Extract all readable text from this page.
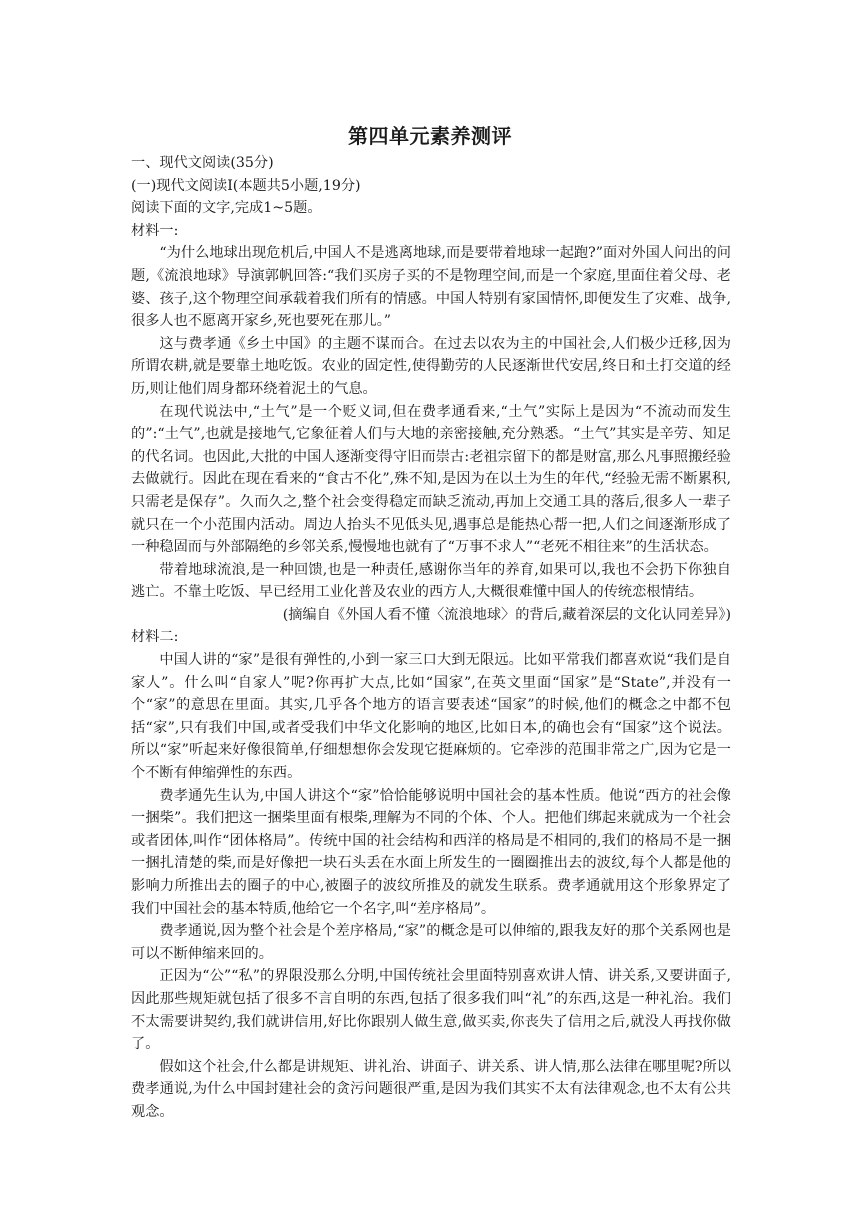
第四单元素养测评

一、现代文阅读(35分)

(一)现代文阅读Ⅰ(本题共5小题,19分)

阅读下面的文字,完成1~5题。

材料一:

“为什么地球出现危机后,中国人不是逃离地球,而是要带着地球一起跑?”面对外国人问出的问题,《流浪地球》导演郭帆回答:“我们买房子买的不是物理空间,而是一个家庭,里面住着父母、老婆、孩子,这个物理空间承载着我们所有的情感。中国人特别有家国情怀,即便发生了灾难、战争,很多人也不愿离开家乡,死也要死在那儿。”

这与费孝通《乡土中国》的主题不谋而合。在过去以农为主的中国社会,人们极少迁移,因为所谓农耕,就是要靠土地吃饭。农业的固定性,使得勤劳的人民逐渐世代安居,终日和土打交道的经历,则让他们周身都环绕着泥土的气息。

在现代说法中,“土气”是一个贬义词,但在费孝通看来,“土气”实际上是因为“不流动而发生的”:“土气”,也就是接地气,它象征着人们与大地的亲密接触,充分熟悉。“土气”其实是辛劳、知足的代名词。也因此,大批的中国人逐渐变得守旧而崇古:老祖宗留下的都是财富,那么凡事照搬经验去做就行。因此在现在看来的“食古不化”,殊不知,是因为在以土为生的年代,“经验无需不断累积,只需老是保存”。久而久之,整个社会变得稳定而缺乏流动,再加上交通工具的落后,很多人一辈子就只在一个小范围内活动。周边人抬头不见低头见,遇事总是能热心帮一把,人们之间逐渐形成了一种稳固而与外部隔绝的乡邻关系,慢慢地也就有了“万事不求人”“老死不相往来”的生活状态。

带着地球流浪,是一种回馈,也是一种责任,感谢你当年的养育,如果可以,我也不会扔下你独自逃亡。不靠土吃饭、早已经用工业化普及农业的西方人,大概很难懂中国人的传统恋根情结。

(摘编自《外国人看不懂〈流浪地球〉的背后,藏着深层的文化认同差异》)

材料二:

中国人讲的“家”是很有弹性的,小到一家三口大到无限远。比如平常我们都喜欢说“我们是自家人”。什么叫“自家人”呢?你再扩大点,比如“国家”,在英文里面“国家”是“State”,并没有一个“家”的意思在里面。其实,几乎各个地方的语言要表述“国家”的时候,他们的概念之中都不包括“家”,只有我们中国,或者受我们中华文化影响的地区,比如日本,的确也会有“国家”这个说法。所以“家”听起来好像很简单,仔细想想你会发现它挺麻烦的。它牵涉的范围非常之广,因为它是一个不断有伸缩弹性的东西。

费孝通先生认为,中国人讲这个“家”恰恰能够说明中国社会的基本性质。他说“西方的社会像一捆柴”。我们把这一捆柴里面有根柴,理解为不同的个体、个人。把他们绑起来就成为一个社会或者团体,叫作“团体格局”。传统中国的社会结构和西洋的格局是不相同的,我们的格局不是一捆一捆扎清楚的柴,而是好像把一块石头丢在水面上所发生的一圈圈推出去的波纹,每个人都是他的影响力所推出去的圈子的中心,被圈子的波纹所推及的就发生联系。费孝通就用这个形象界定了我们中国社会的基本特质,他给它一个名字,叫“差序格局”。

费孝通说,因为整个社会是个差序格局,“家”的概念是可以伸缩的,跟我友好的那个关系网也是可以不断伸缩来回的。

正因为“公”“私”的界限没那么分明,中国传统社会里面特别喜欢讲人情、讲关系,又要讲面子,因此那些规矩就包括了很多不言自明的东西,包括了很多我们叫“礼”的东西,这是一种礼治。我们不太需要讲契约,我们就讲信用,好比你跟别人做生意,做买卖,你丧失了信用之后,就没人再找你做了。

假如这个社会,什么都是讲规矩、讲礼治、讲面子、讲关系、讲人情,那么法律在哪里呢?所以费孝通说,为什么中国封建社会的贪污问题很严重,是因为我们其实不太有法律观念,也不太有公共观念。
